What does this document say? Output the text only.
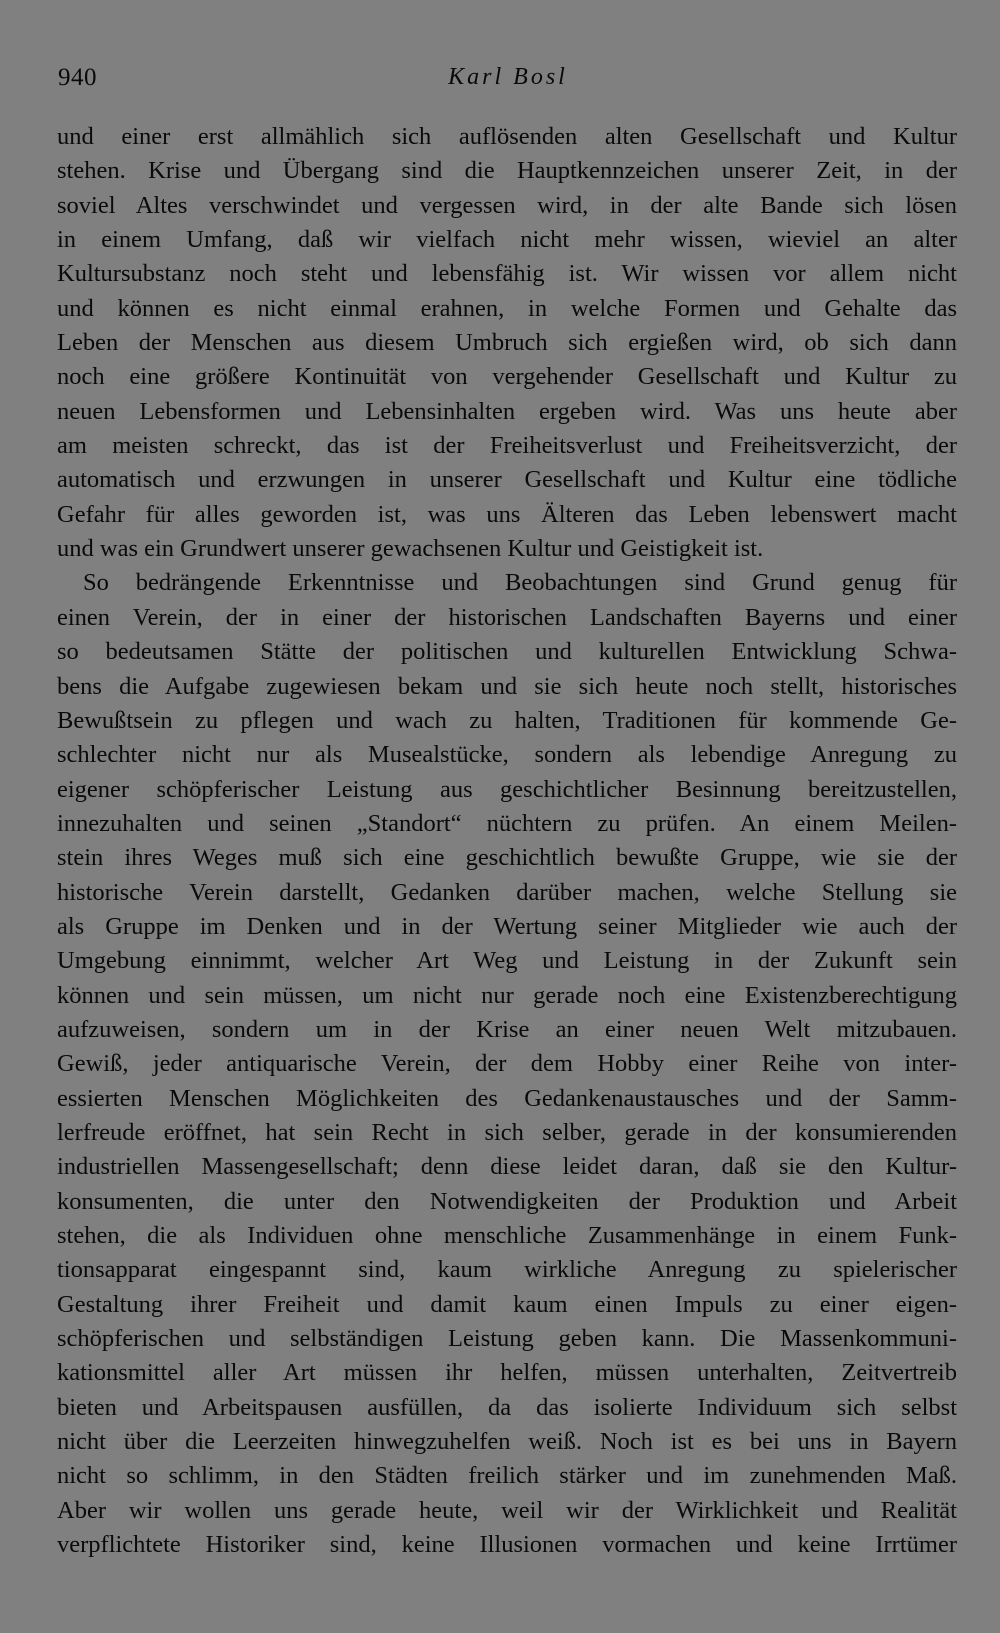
940	Karl Bosl
und einer erst allmählich sich auflösenden alten Gesellschaft und Kultur
stehen. Krise und Übergang sind die Hauptkennzeichen unserer Zeit, in der
soviel Altes verschwindet und vergessen wird, in der alte Bande sich lösen
in einem Umfang, daß wir vielfach nicht mehr wissen, wieviel an alter
Kultursubstanz noch steht und lebensfähig ist. Wir wissen vor allem nicht
und können es nicht einmal erahnen, in welche Formen und Gehalte das
Leben der Menschen aus diesem Umbruch sich ergießen wird, ob sich dann
noch eine größere Kontinuität von vergehender Gesellschaft und Kultur zu
neuen Lebensformen und Lebensinhalten ergeben wird. Was uns heute aber
am meisten schreckt, das ist der Freiheitsverlust und Freiheitsverzicht, der
automatisch und erzwungen in unserer Gesellschaft und Kultur eine tödliche
Gefahr für alles geworden ist, was uns Älteren das Leben lebenswert macht
und was ein Grundwert unserer gewachsenen Kultur und Geistigkeit ist.
So bedrängende Erkenntnisse und Beobachtungen sind Grund genug für
einen Verein, der in einer der historischen Landschaften Bayerns und einer
so bedeutsamen Stätte der politischen und kulturellen Entwicklung Schwa-
bens die Aufgabe zugewiesen bekam und sie sich heute noch stellt, historisches
Bewußtsein zu pflegen und wach zu halten, Traditionen für kommende Ge-
schlechter nicht nur als Musealstücke, sondern als lebendige Anregung zu
eigener schöpferischer Leistung aus geschichtlicher Besinnung bereitzustellen,
innezuhalten und seinen „Standort“ nüchtern zu prüfen. An einem Meilen-
stein ihres Weges muß sich eine geschichtlich bewußte Gruppe, wie sie der
historische Verein darstellt, Gedanken darüber machen, welche Stellung sie
als Gruppe im Denken und in der Wertung seiner Mitglieder wie auch der
Umgebung einnimmt, welcher Art Weg und Leistung in der Zukunft sein
können und sein müssen, um nicht nur gerade noch eine Existenzberechtigung
aufzuweisen, sondern um in der Krise an einer neuen Welt mitzubauen.
Gewiß, jeder antiquarische Verein, der dem Hobby einer Reihe von inter-
essierten Menschen Möglichkeiten des Gedankenaustausches und der Samm-
lerfreude eröffnet, hat sein Recht in sich selber, gerade in der konsumierenden
industriellen Massengesellschaft; denn diese leidet daran, daß sie den Kultur-
konsumenten, die unter den Notwendigkeiten der Produktion und Arbeit
stehen, die als Individuen ohne menschliche Zusammenhänge in einem Funk-
tionsapparat eingespannt sind, kaum wirkliche Anregung zu spielerischer
Gestaltung ihrer Freiheit und damit kaum einen Impuls zu einer eigen-
schöpferischen und selbständigen Leistung geben kann. Die Massenkommuni-
kationsmittel aller Art müssen ihr helfen, müssen unterhalten, Zeitvertreib
bieten und Arbeitspausen ausfüllen, da das isolierte Individuum sich selbst
nicht über die Leerzeiten hinwegzuhelfen weiß. Noch ist es bei uns in Bayern
nicht so schlimm, in den Städten freilich stärker und im zunehmenden Maß.
Aber wir wollen uns gerade heute, weil wir der Wirklichkeit und Realität
verpflichtete Historiker sind, keine Illusionen vormachen und keine Irrtümer
